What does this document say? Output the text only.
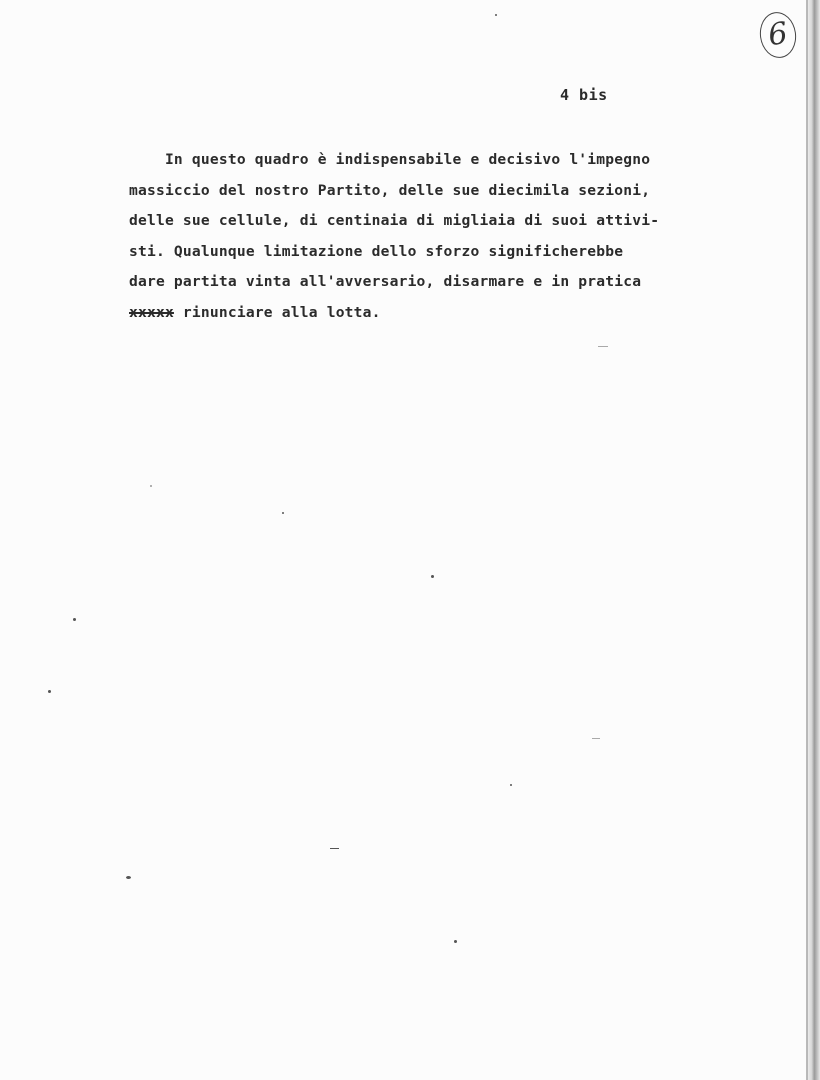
6
4 bis
In questo quadro è indispensabile e decisivo l'impegno
massiccio del nostro Partito, delle sue diecimila sezioni,
delle sue cellule, di centinaia di migliaia di suoi attivi-
sti. Qualunque limitazione dello sforzo significherebbe
dare partita vinta all'avversario, disarmare e in pratica
xxxxx rinunciare alla lotta.
